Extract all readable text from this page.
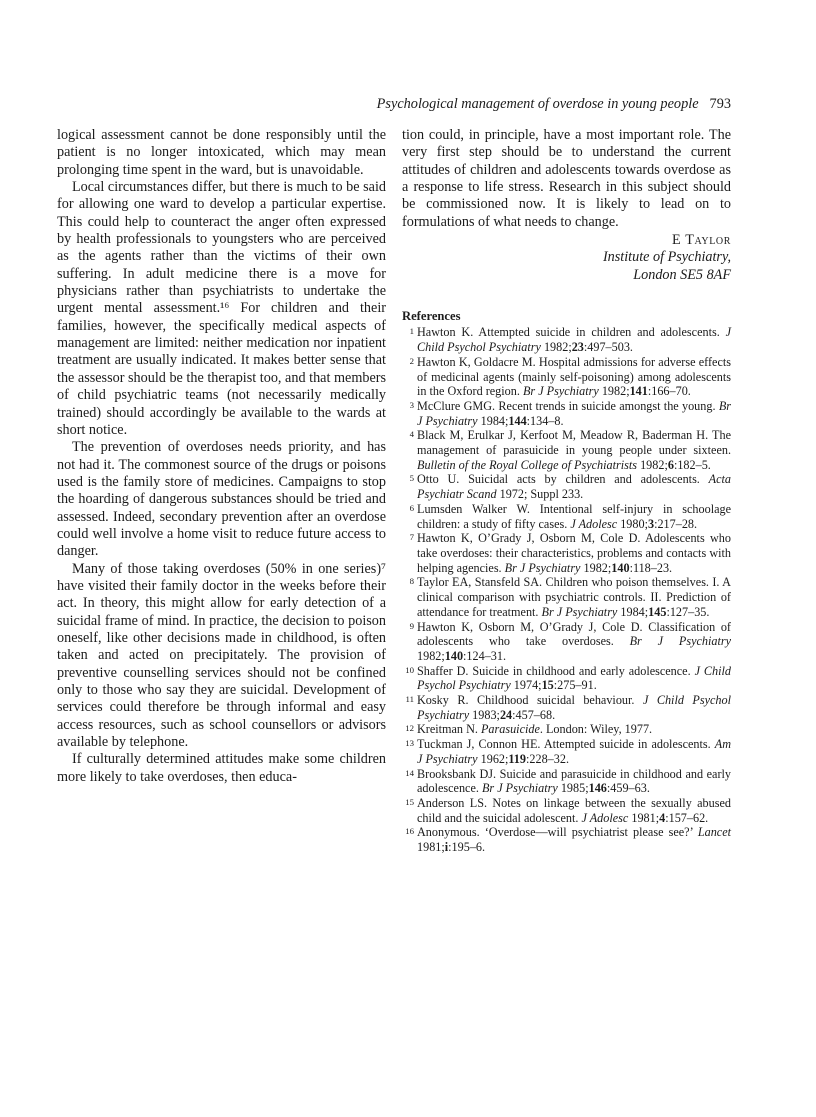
Psychological management of overdose in young people 793

logical assessment cannot be done responsibly until the patient is no longer intoxicated, which may mean prolonging time spent in the ward, but is unavoidable.

Local circumstances differ, but there is much to be said for allowing one ward to develop a particular expertise. This could help to counteract the anger often expressed by health professionals to youngsters who are perceived as the agents rather than the victims of their own suffering. In adult medicine there is a move for physicians rather than psychiatrists to undertake the urgent mental assessment.¹⁶ For children and their families, however, the specifically medical aspects of management are limited: neither medication nor inpatient treatment are usually indicated. It makes better sense that the assessor should be the therapist too, and that members of child psychiatric teams (not necessarily medically trained) should accordingly be available to the wards at short notice.

The prevention of overdoses needs priority, and has not had it. The commonest source of the drugs or poisons used is the family store of medicines. Campaigns to stop the hoarding of dangerous substances should be tried and assessed. Indeed, secondary prevention after an overdose could well involve a home visit to reduce future access to danger.

Many of those taking overdoses (50% in one series)⁷ have visited their family doctor in the weeks before their act. In theory, this might allow for early detection of a suicidal frame of mind. In practice, the decision to poison oneself, like other decisions made in childhood, is often taken and acted on precipitately. The provision of preventive counselling services should not be confined only to those who say they are suicidal. Development of services could therefore be through informal and easy access resources, such as school counsellors or advisors available by telephone.

If culturally determined attitudes make some children more likely to take overdoses, then educa-

tion could, in principle, have a most important role. The very first step should be to understand the current attitudes of children and adolescents towards overdose as a response to life stress. Research in this subject should be commissioned now. It is likely to lead on to formulations of what needs to change.

E Taylor
Institute of Psychiatry,
London SE5 8AF

References

1 Hawton K. Attempted suicide in children and adolescents. J Child Psychol Psychiatry 1982;23:497–503.
2 Hawton K, Goldacre M. Hospital admissions for adverse effects of medicinal agents (mainly self-poisoning) among adolescents in the Oxford region. Br J Psychiatry 1982;141:166–70.
3 McClure GMG. Recent trends in suicide amongst the young. Br J Psychiatry 1984;144:134–8.
4 Black M, Erulkar J, Kerfoot M, Meadow R, Baderman H. The management of parasuicide in young people under sixteen. Bulletin of the Royal College of Psychiatrists 1982;6:182–5.
5 Otto U. Suicidal acts by children and adolescents. Acta Psychiatr Scand 1972; Suppl 233.
6 Lumsden Walker W. Intentional self-injury in schoolage children: a study of fifty cases. J Adolesc 1980;3:217–28.
7 Hawton K, O’Grady J, Osborn M, Cole D. Adolescents who take overdoses: their characteristics, problems and contacts with helping agencies. Br J Psychiatry 1982;140:118–23.
8 Taylor EA, Stansfeld SA. Children who poison themselves. I. A clinical comparison with psychiatric controls. II. Prediction of attendance for treatment. Br J Psychiatry 1984;145:127–35.
9 Hawton K, Osborn M, O’Grady J, Cole D. Classification of adolescents who take overdoses. Br J Psychiatry 1982;140:124–31.
10 Shaffer D. Suicide in childhood and early adolescence. J Child Psychol Psychiatry 1974;15:275–91.
11 Kosky R. Childhood suicidal behaviour. J Child Psychol Psychiatry 1983;24:457–68.
12 Kreitman N. Parasuicide. London: Wiley, 1977.
13 Tuckman J, Connon HE. Attempted suicide in adolescents. Am J Psychiatry 1962;119:228–32.
14 Brooksbank DJ. Suicide and parasuicide in childhood and early adolescence. Br J Psychiatry 1985;146:459–63.
15 Anderson LS. Notes on linkage between the sexually abused child and the suicidal adolescent. J Adolesc 1981;4:157–62.
16 Anonymous. ‘Overdose—will psychiatrist please see?’ Lancet 1981;i:195–6.
